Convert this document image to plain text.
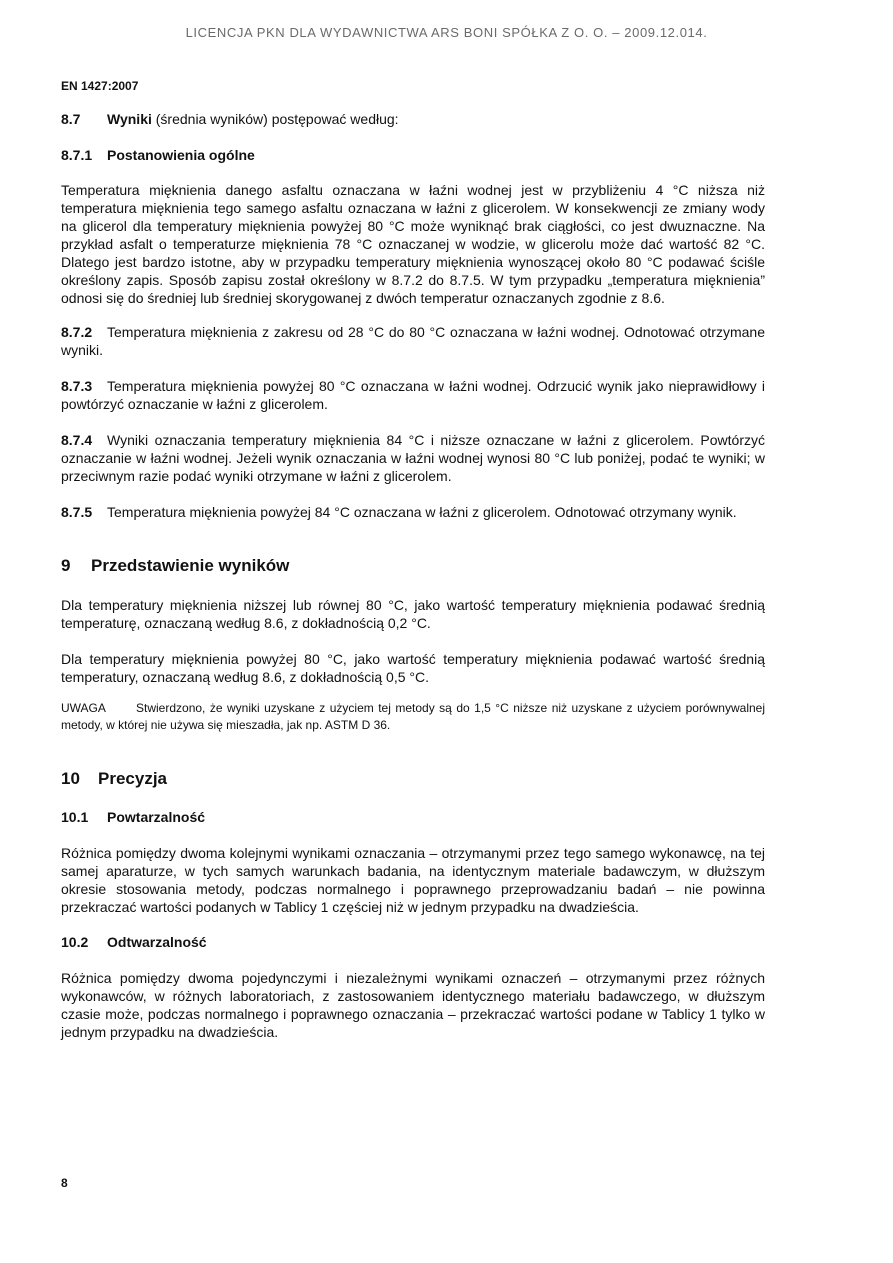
LICENCJA PKN DLA WYDAWNICTWA ARS BONI SPÓŁKA Z O. O. – 2009.12.014.
EN 1427:2007
8.7 Wyniki (średnia wyników) postępować według:
8.7.1 Postanowienia ogólne
Temperatura mięknienia danego asfaltu oznaczana w łaźni wodnej jest w przybliżeniu 4 °C niższa niż temperatura mięknienia tego samego asfaltu oznaczana w łaźni z glicerolem. W konsekwencji ze zmiany wody na glicerol dla temperatury mięknienia powyżej 80 °C może wyniknąć brak ciągłości, co jest dwuznaczne. Na przykład asfalt o temperaturze mięknienia 78 °C oznaczanej w wodzie, w glicerolu może dać wartość 82 °C. Dlatego jest bardzo istotne, aby w przypadku temperatury mięknienia wynoszącej około 80 °C podawać ściśle określony zapis. Sposób zapisu został określony w 8.7.2 do 8.7.5. W tym przypadku „temperatura mięknienia” odnosi się do średniej lub średniej skorygowanej z dwóch temperatur oznaczanych zgodnie z 8.6.
8.7.2 Temperatura mięknienia z zakresu od 28 °C do 80 °C oznaczana w łaźni wodnej. Odnotować otrzymane wyniki.
8.7.3 Temperatura mięknienia powyżej 80 °C oznaczana w łaźni wodnej. Odrzucić wynik jako nieprawidłowy i powtórzyć oznaczanie w łaźni z glicerolem.
8.7.4 Wyniki oznaczania temperatury mięknienia 84 °C i niższe oznaczane w łaźni z glicerolem. Powtórzyć oznaczanie w łaźni wodnej. Jeżeli wynik oznaczania w łaźni wodnej wynosi 80 °C lub poniżej, podać te wyniki; w przeciwnym razie podać wyniki otrzymane w łaźni z glicerolem.
8.7.5 Temperatura mięknienia powyżej 84 °C oznaczana w łaźni z glicerolem. Odnotować otrzymany wynik.
9 Przedstawienie wyników
Dla temperatury mięknienia niższej lub równej 80 °C, jako wartość temperatury mięknienia podawać średnią temperaturę, oznaczaną według 8.6, z dokładnością 0,2 °C.
Dla temperatury mięknienia powyżej 80 °C, jako wartość temperatury mięknienia podawać wartość średnią temperatury, oznaczaną według 8.6, z dokładnością 0,5 °C.
UWAGA	Stwierdzono, że wyniki uzyskane z użyciem tej metody są do 1,5 °C niższe niż uzyskane z użyciem porównywalnej metody, w której nie używa się mieszadła, jak np. ASTM D 36.
10 Precyzja
10.1 Powtarzalność
Różnica pomiędzy dwoma kolejnymi wynikami oznaczania – otrzymanymi przez tego samego wykonawcę, na tej samej aparaturze, w tych samych warunkach badania, na identycznym materiale badawczym, w dłuższym okresie stosowania metody, podczas normalnego i poprawnego przeprowadzaniu badań – nie powinna przekraczać wartości podanych w Tablicy 1 częściej niż w jednym przypadku na dwadzieścia.
10.2 Odtwarzalność
Różnica pomiędzy dwoma pojedynczymi i niezależnymi wynikami oznaczeń – otrzymanymi przez różnych wykonawców, w różnych laboratoriach, z zastosowaniem identycznego materiału badawczego, w dłuższym czasie może, podczas normalnego i poprawnego oznaczania – przekraczać wartości podane w Tablicy 1 tylko w jednym przypadku na dwadzieścia.
8
